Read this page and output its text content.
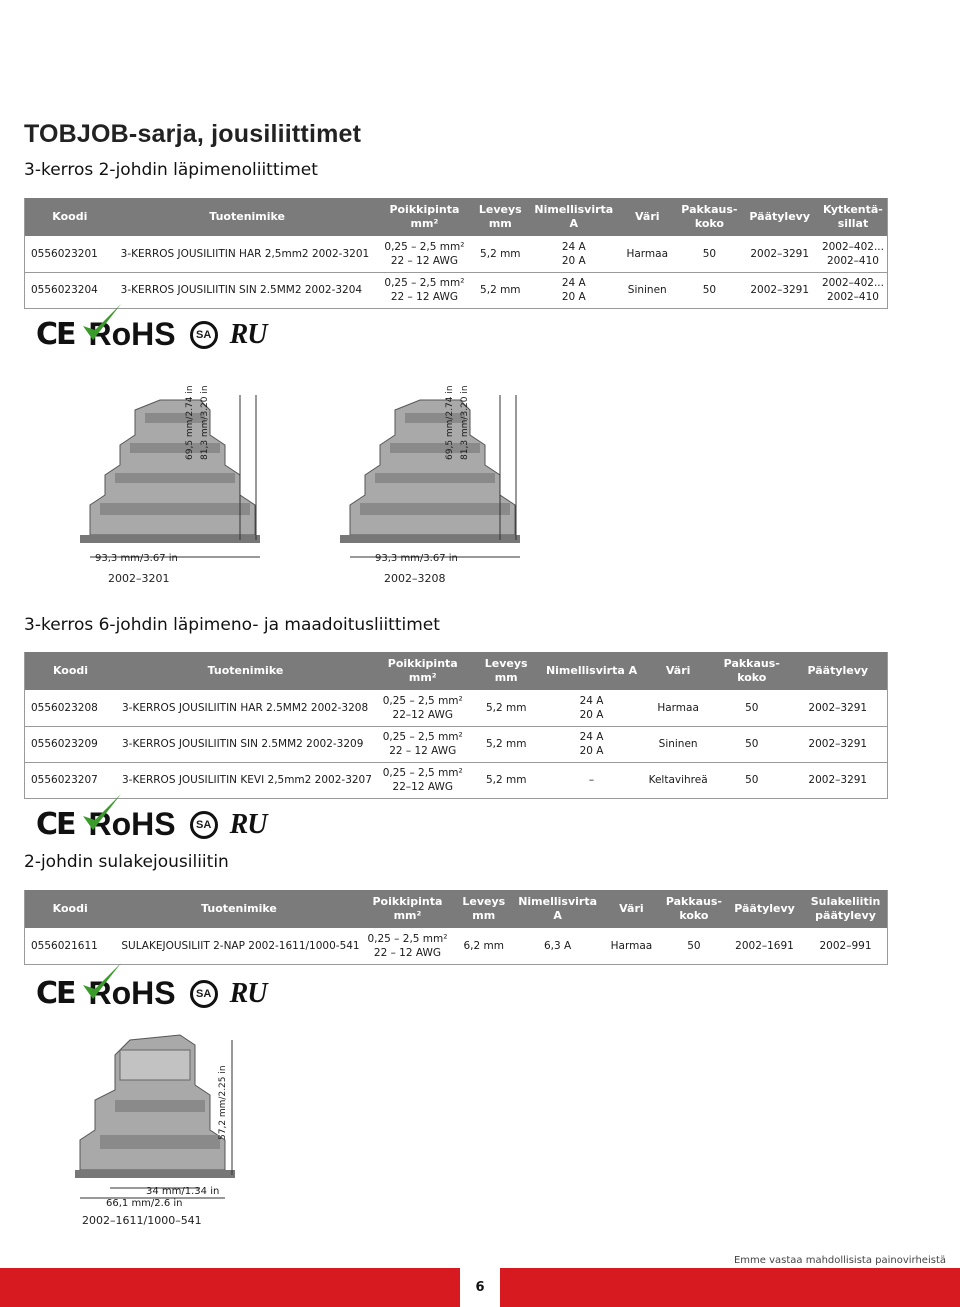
TOBJOB-sarja, jousiliittimet
3-kerros 2-johdin läpimenoliittimet
Koodi	Tuotenimike	Poikkipinta mm²	Leveys mm	Nimellisvirta A	Väri	Pakkaus-
koko	Päätylevy	Kytkentä-
sillat
0556023201	3-KERROS JOUSILIITIN HAR 2,5mm2 2002-3201	0,25 – 2,5 mm²
22 – 12 AWG	5,2 mm	24 A
20 A	Harmaa	50	2002–3291	2002–402...
2002–410
0556023204	3-KERROS JOUSILIITIN SIN 2.5MM2 2002-3204	0,25 – 2,5 mm²
22 – 12 AWG	5,2 mm	24 A
20 A	Sininen	50	2002–3291	2002–402...
2002–410
CE RoHS	SA RU
93,3 mm/3.67 in	93,3 mm/3.67 in
69,5 mm/2.74 in 81,3 mm/3.20 in	69,5 mm/2.74 in 81,3 mm/3.20 in
2002–3201	2002–3208
3-kerros 6-johdin läpimeno- ja maadoitusliittimet
Koodi	Tuotenimike	Poikkipinta mm²	Leveys mm	Nimellisvirta A	Väri	Pakkaus-
koko	Päätylevy
0556023208	3-KERROS JOUSILIITIN HAR 2.5MM2 2002-3208	0,25 – 2,5 mm²
22–12 AWG	5,2 mm	24 A
20 A	Harmaa	50	2002–3291
0556023209	3-KERROS JOUSILIITIN SIN 2.5MM2 2002-3209	0,25 – 2,5 mm²
22 – 12 AWG	5,2 mm	24 A
20 A	Sininen	50	2002–3291
0556023207	3-KERROS JOUSILIITIN KEVI 2,5mm2 2002-3207	0,25 – 2,5 mm²
22–12 AWG	5,2 mm	–	Keltavihreä	50	2002–3291
CE RoHS	SA RU
2-johdin sulakejousiliitin
Koodi	Tuotenimike	Poikkipinta mm²	Leveys mm	Nimellisvirta A	Väri	Pakkaus-
koko	Päätylevy	Sulakeliitin päätylevy
0556021611	SULAKEJOUSILIIT 2-NAP 2002-1611/1000-541	0,25 – 2,5 mm²
22 – 12 AWG	6,2 mm	6,3 A	Harmaa	50	2002–1691	2002–991
CE RoHS	SA RU
34 mm/1.34 in
66,1 mm/2.6 in
57,2 mm/2.25 in
2002–1611/1000–541
Emme vastaa mahdollisista painovirheistä
6
